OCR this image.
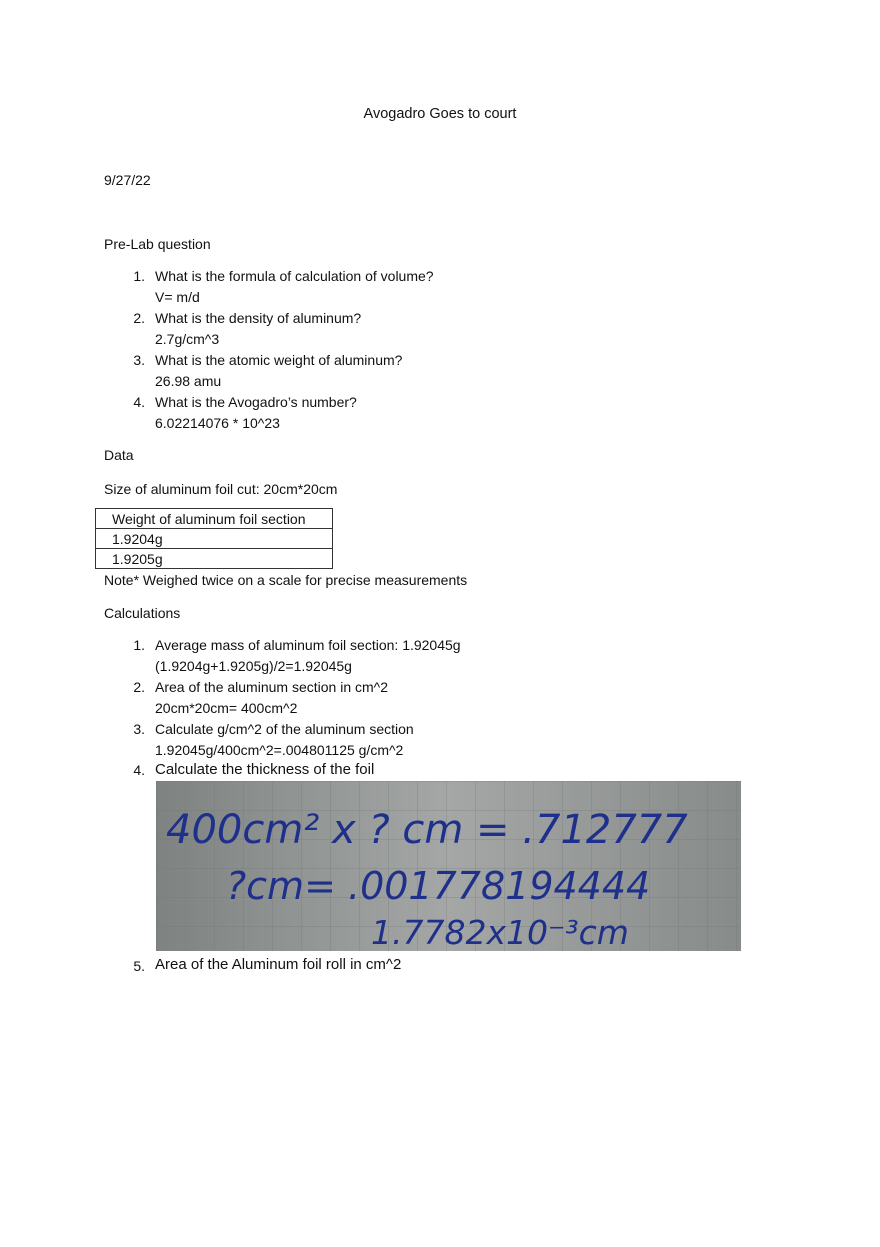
Avogadro Goes to court
9/27/22
Pre-Lab question
1. What is the formula of calculation of volume?
V= m/d
2. What is the density of aluminum?
2.7g/cm^3
3. What is the atomic weight of aluminum?
26.98 amu
4. What is the Avogadro’s number?
6.02214076 * 10^23
Data
Size of aluminum foil cut: 20cm*20cm
Weight of aluminum foil section
1.9204g
1.9205g
Note* Weighed twice on a scale for precise measurements
Calculations
1. Average mass of aluminum foil section: 1.92045g
(1.9204g+1.9205g)/2=1.92045g
2. Area of the aluminum section in cm^2
20cm*20cm= 400cm^2
3. Calculate g/cm^2 of the aluminum section
1.92045g/400cm^2=.004801125 g/cm^2
4. Calculate the thickness of the foil
400cm² x ? cm = .712777
?cm= .001778194444
1.7782x10⁻³cm
5. Area of the Aluminum foil roll in cm^2
